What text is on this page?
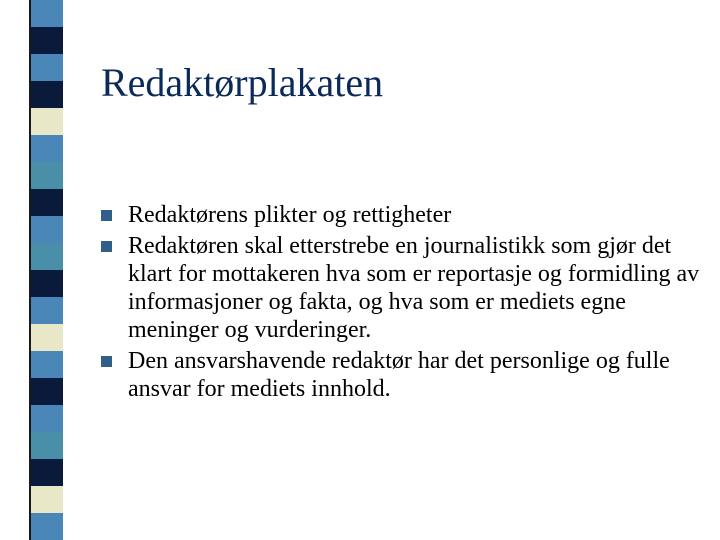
Redaktørplakaten
Redaktørens plikter og rettigheter
Redaktøren skal etterstrebe en journalistikk som gjør det klart for mottakeren hva som er reportasje og formidling av informasjoner og fakta, og hva som er mediets egne meninger og vurderinger.
Den ansvarshavende redaktør har det personlige og fulle ansvar for mediets innhold.
